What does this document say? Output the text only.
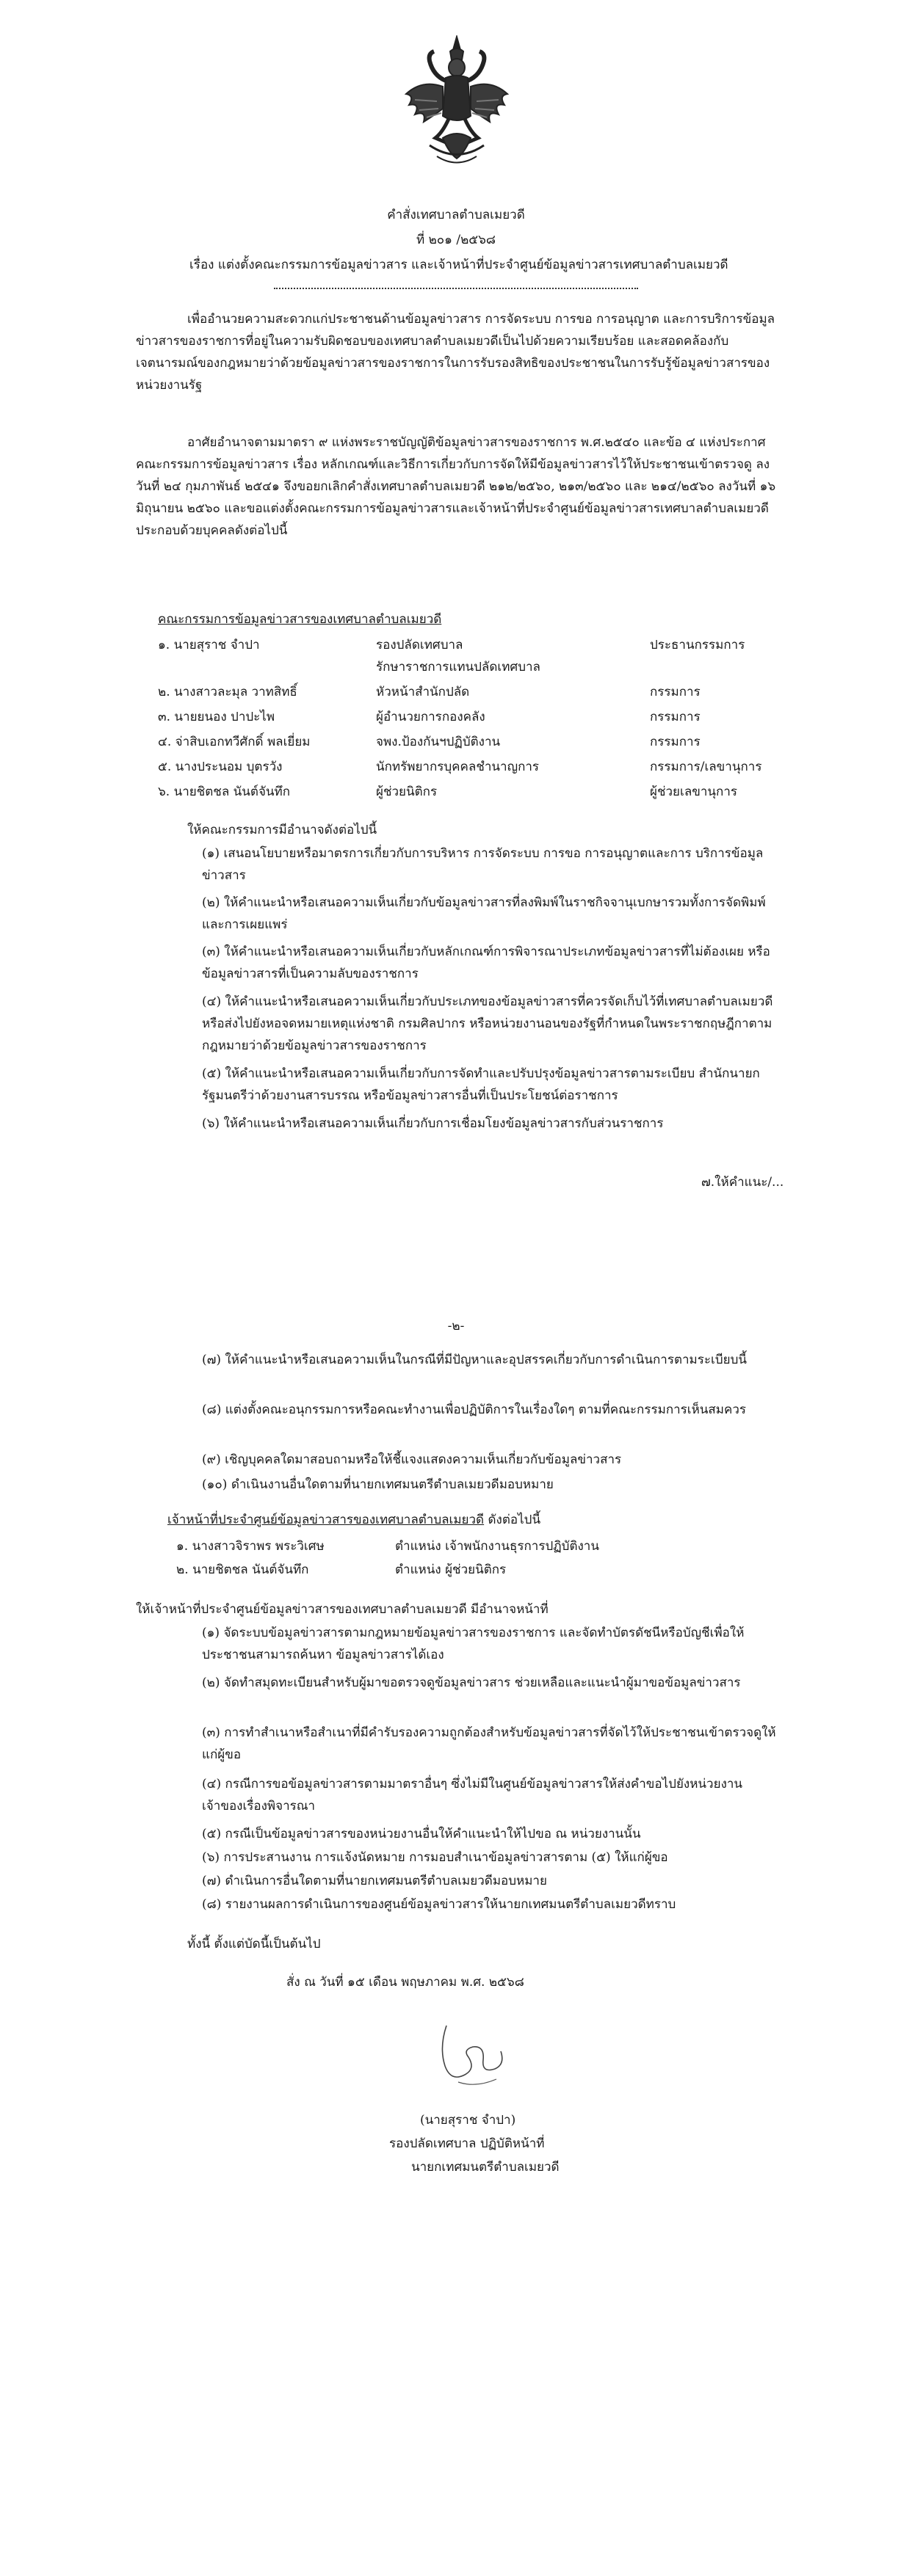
คำสั่งเทศบาลตำบลเมยวดี
ที่ ๒๐๑ /๒๕๖๘
เรื่อง แต่งตั้งคณะกรรมการข้อมูลข่าวสาร และเจ้าหน้าที่ประจำศูนย์ข้อมูลข่าวสารเทศบาลตำบลเมยวดี

เพื่ออำนวยความสะดวกแก่ประชาชนด้านข้อมูลข่าวสาร การจัดระบบ การขอ การอนุญาต และการบริการข้อมูลข่าวสารของราชการที่อยู่ในความรับผิดชอบของเทศบาลตำบลเมยวดีเป็นไปด้วยความเรียบร้อย และสอดคล้องกับเจตนารมณ์ของกฎหมายว่าด้วยข้อมูลข่าวสารของราชการในการรับรองสิทธิของประชาชนในการรับรู้ข้อมูลข่าวสารของหน่วยงานรัฐ

อาศัยอำนาจตามมาตรา ๙ แห่งพระราชบัญญัติข้อมูลข่าวสารของราชการ พ.ศ.๒๕๔๐ และข้อ ๔ แห่งประกาศคณะกรรมการข้อมูลข่าวสาร เรื่อง หลักเกณฑ์และวิธีการเกี่ยวกับการจัดให้มีข้อมูลข่าวสารไว้ให้ประชาชนเข้าตรวจดู ลงวันที่ ๒๔ กุมภาพันธ์ ๒๕๔๑ จึงขอยกเลิกคำสั่งเทศบาลตำบลเมยวดี ๒๑๒/๒๕๖๐, ๒๑๓/๒๕๖๐ และ ๒๑๔/๒๕๖๐ ลงวันที่ ๑๖ มิถุนายน ๒๕๖๐ และขอแต่งตั้งคณะกรรมการข้อมูลข่าวสารและเจ้าหน้าที่ประจำศูนย์ข้อมูลข่าวสารเทศบาลตำบลเมยวดี ประกอบด้วยบุคคลดังต่อไปนี้

คณะกรรมการข้อมูลข่าวสารของเทศบาลตำบลเมยวดี
๑. นายสุราช จำปา	รองปลัดเทศบาล	ประธานกรรมการ
รักษาราชการแทนปลัดเทศบาล
๒. นางสาวละมุล วาทสิทธิ์	หัวหน้าสำนักปลัด	กรรมการ
๓. นายยนอง ปาปะไพ	ผู้อำนวยการกองคลัง	กรรมการ
๔. จ่าสิบเอกทวีศักดิ์ พลเยี่ยม	จพง.ป้องกันฯปฏิบัติงาน	กรรมการ
๕. นางประนอม บุตรวัง	นักทรัพยากรบุคคลชำนาญการ	กรรมการ/เลขานุการ
๖. นายชิตชล นันต์จันทึก	ผู้ช่วยนิติกร	ผู้ช่วยเลขานุการ
ให้คณะกรรมการมีอำนาจดังต่อไปนี้
(๑) เสนอนโยบายหรือมาตรการเกี่ยวกับการบริหาร การจัดระบบ การขอ การอนุญาตและการ บริการข้อมูลข่าวสาร
(๒) ให้คำแนะนำหรือเสนอความเห็นเกี่ยวกับข้อมูลข่าวสารที่ลงพิมพ์ในราชกิจจานุเบกษารวมทั้งการจัดพิมพ์และการเผยแพร่
(๓) ให้คำแนะนำหรือเสนอความเห็นเกี่ยวกับหลักเกณฑ์การพิจารณาประเภทข้อมูลข่าวสารที่ไม่ต้องเผย หรือข้อมูลข่าวสารที่เป็นความลับของราชการ
(๔) ให้คำแนะนำหรือเสนอความเห็นเกี่ยวกับประเภทของข้อมูลข่าวสารที่ควรจัดเก็บไว้ที่เทศบาลตำบลเมยวดี หรือส่งไปยังหอจดหมายเหตุแห่งชาติ กรมศิลปากร หรือหน่วยงานอนของรัฐที่กำหนดในพระราชกฤษฎีกาตามกฎหมายว่าด้วยข้อมูลข่าวสารของราชการ
(๕) ให้คำแนะนำหรือเสนอความเห็นเกี่ยวกับการจัดทำและปรับปรุงข้อมูลข่าวสารตามระเบียบ สำนักนายกรัฐมนตรีว่าด้วยงานสารบรรณ หรือข้อมูลข่าวสารอื่นที่เป็นประโยชน์ต่อราชการ
(๖) ให้คำแนะนำหรือเสนอความเห็นเกี่ยวกับการเชื่อมโยงข้อมูลข่าวสารกับส่วนราชการ
๗.ให้คำแนะ/...
-๒-
(๗) ให้คำแนะนำหรือเสนอความเห็นในกรณีที่มีปัญหาและอุปสรรคเกี่ยวกับการดำเนินการตามระเบียบนี้
(๘) แต่งตั้งคณะอนุกรรมการหรือคณะทำงานเพื่อปฏิบัติการในเรื่องใดๆ ตามที่คณะกรรมการเห็นสมควร
(๙) เชิญบุคคลใดมาสอบถามหรือให้ชี้แจงแสดงความเห็นเกี่ยวกับข้อมูลข่าวสาร
(๑๐) ดำเนินงานอื่นใดตามที่นายกเทศมนตรีตำบลเมยวดีมอบหมาย
เจ้าหน้าที่ประจำศูนย์ข้อมูลข่าวสารของเทศบาลตำบลเมยวดี ดังต่อไปนี้
๑. นางสาวจิราพร พระวิเศษ	ตำแหน่ง เจ้าพนักงานธุรการปฏิบัติงาน
๒. นายชิตชล นันต์จันทึก	ตำแหน่ง ผู้ช่วยนิติกร
ให้เจ้าหน้าที่ประจำศูนย์ข้อมูลข่าวสารของเทศบาลตำบลเมยวดี มีอำนาจหน้าที่
(๑) จัดระบบข้อมูลข่าวสารตามกฎหมายข้อมูลข่าวสารของราชการ และจัดทำบัตรดัชนีหรือบัญชีเพื่อให้ประชาชนสามารถค้นหา ข้อมูลข่าวสารได้เอง
(๒) จัดทำสมุดทะเบียนสำหรับผู้มาขอตรวจดูข้อมูลข่าวสาร ช่วยเหลือและแนะนำผู้มาขอข้อมูลข่าวสาร
(๓) การทำสำเนาหรือสำเนาที่มีคำรับรองความถูกต้องสำหรับข้อมูลข่าวสารที่จัดไว้ให้ประชาชนเข้าตรวจดูให้แก่ผู้ขอ
(๔) กรณีการขอข้อมูลข่าวสารตามมาตราอื่นๆ ซึ่งไม่มีในศูนย์ข้อมูลข่าวสารให้ส่งคำขอไปยังหน่วยงานเจ้าของเรื่องพิจารณา
(๕) กรณีเป็นข้อมูลข่าวสารของหน่วยงานอื่นให้คำแนะนำให้ไปขอ ณ หน่วยงานนั้น
(๖) การประสานงาน การแจ้งนัดหมาย การมอบสำเนาข้อมูลข่าวสารตาม (๕) ให้แก่ผู้ขอ
(๗) ดำเนินการอื่นใดตามที่นายกเทศมนตรีตำบลเมยวดีมอบหมาย
(๘) รายงานผลการดำเนินการของศูนย์ข้อมูลข่าวสารให้นายกเทศมนตรีตำบลเมยวดีทราบ
ทั้งนี้ ตั้งแต่บัดนี้เป็นต้นไป
สั่ง ณ วันที่ ๑๕ เดือน พฤษภาคม พ.ศ. ๒๕๖๘
(นายสุราช จำปา)
รองปลัดเทศบาล ปฏิบัติหน้าที่
นายกเทศมนตรีตำบลเมยวดี
